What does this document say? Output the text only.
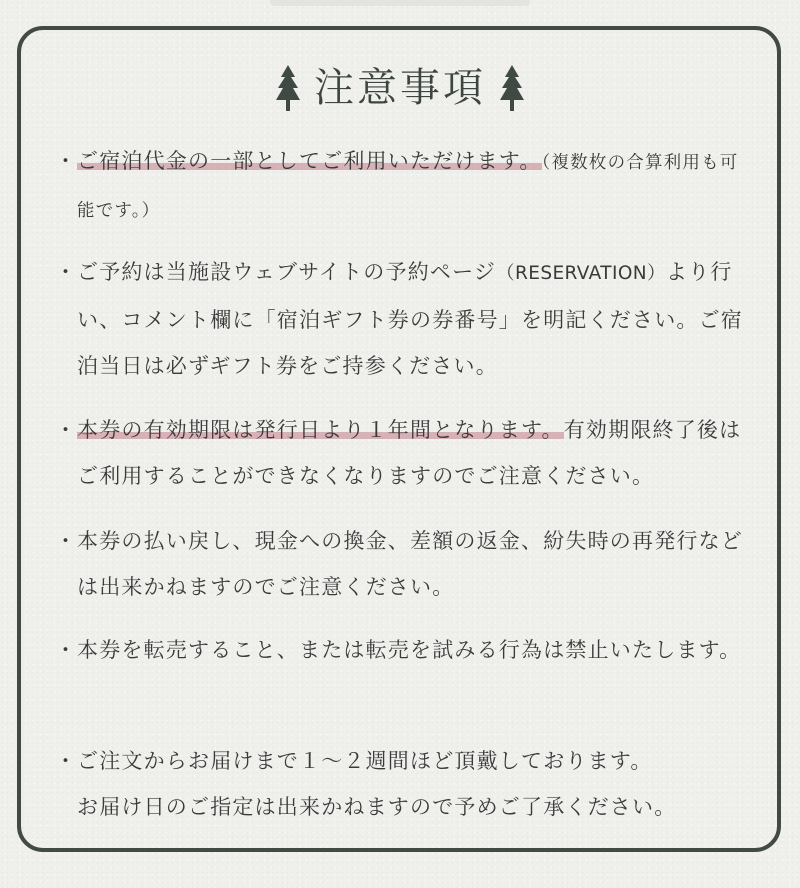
注意事項
・ ご宿泊代金の一部としてご利用いただけます。（複数枚の合算利用も可能です。）
・ ご予約は当施設ウェブサイトの予約ページ（RESERVATION）より行い、コメント欄に「宿泊ギフト券の券番号」を明記ください。ご宿泊当日は必ずギフト券をご持参ください。
・ 本券の有効期限は発行日より１年間となります。有効期限終了後はご利用することができなくなりますのでご注意ください。
・ 本券の払い戻し、現金への換金、差額の返金、紛失時の再発行などは出来かねますのでご注意ください。
・ 本券を転売すること、または転売を試みる行為は禁止いたします。
・ ご注文からお届けまで１～２週間ほど頂戴しております。
お届け日のご指定は出来かねますので予めご了承ください。
